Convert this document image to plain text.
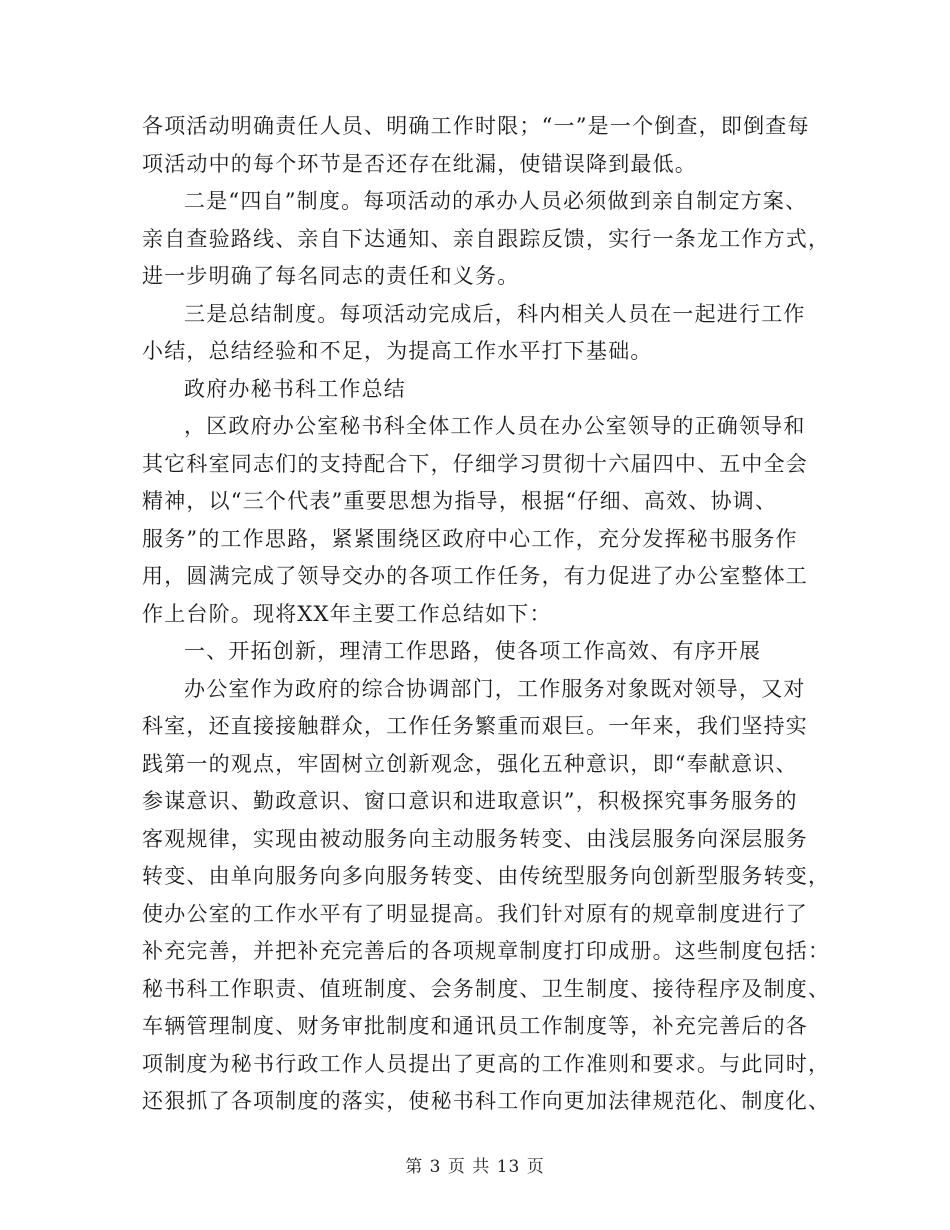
各项活动明确责任人员、明确工作时限；“一”是一个倒查，即倒查每
项活动中的每个环节是否还存在纰漏，使错误降到最低。
二是“四自”制度。每项活动的承办人员必须做到亲自制定方案、
亲自查验路线、亲自下达通知、亲自跟踪反馈，实行一条龙工作方式，
进一步明确了每名同志的责任和义务。
三是总结制度。每项活动完成后，科内相关人员在一起进行工作
小结，总结经验和不足，为提高工作水平打下基础。
政府办秘书科工作总结
，区政府办公室秘书科全体工作人员在办公室领导的正确领导和
其它科室同志们的支持配合下，仔细学习贯彻十六届四中、五中全会
精神，以“三个代表”重要思想为指导，根据“仔细、高效、协调、
服务”的工作思路，紧紧围绕区政府中心工作，充分发挥秘书服务作
用，圆满完成了领导交办的各项工作任务，有力促进了办公室整体工
作上台阶。现将XX年主要工作总结如下：
一、开拓创新，理清工作思路，使各项工作高效、有序开展
办公室作为政府的综合协调部门，工作服务对象既对领导，又对
科室，还直接接触群众，工作任务繁重而艰巨。一年来，我们坚持实
践第一的观点，牢固树立创新观念，强化五种意识，即“奉献意识、
参谋意识、勤政意识、窗口意识和进取意识”，积极探究事务服务的
客观规律，实现由被动服务向主动服务转变、由浅层服务向深层服务
转变、由单向服务向多向服务转变、由传统型服务向创新型服务转变，
使办公室的工作水平有了明显提高。我们针对原有的规章制度进行了
补充完善，并把补充完善后的各项规章制度打印成册。这些制度包括：
秘书科工作职责、值班制度、会务制度、卫生制度、接待程序及制度、
车辆管理制度、财务审批制度和通讯员工作制度等，补充完善后的各
项制度为秘书行政工作人员提出了更高的工作准则和要求。与此同时，
还狠抓了各项制度的落实，使秘书科工作向更加法律规范化、制度化、
第 3 页 共 13 页
